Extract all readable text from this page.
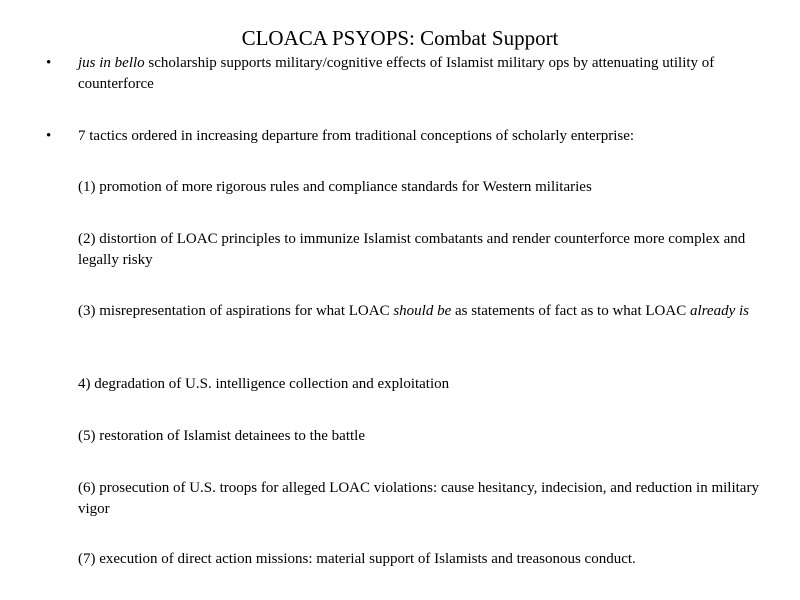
CLOACA PSYOPS: Combat Support
• jus in bello scholarship supports military/cognitive effects of Islamist military ops by attenuating utility of counterforce
• 7 tactics ordered in increasing departure from traditional conceptions of scholarly enterprise:
(1) promotion of more rigorous rules and compliance standards for Western militaries
(2) distortion of LOAC principles to immunize Islamist combatants and render counterforce more complex and legally risky
(3) misrepresentation of aspirations for what LOAC should be as statements of fact as to what LOAC already is
4) degradation of U.S. intelligence collection and exploitation
(5) restoration of Islamist detainees to the battle
(6) prosecution of U.S. troops for alleged LOAC violations: cause hesitancy, indecision, and reduction in military vigor
(7) execution of direct action missions: material support of Islamists and treasonous conduct.
